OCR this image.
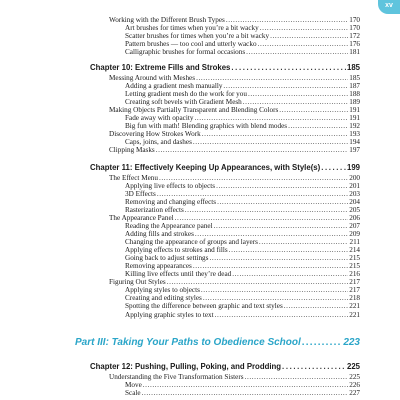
xv
Working with the Different Brush Types .....	170
Art brushes for times when you’re a bit wacky .....	170
Scatter brushes for times when you’re a bit wacky .....	172
Pattern brushes — too cool and utterly wacko .....	176
Calligraphic brushes for formal occasions .....	181
Chapter 10: Extreme Fills and Strokes .....	185
Messing Around with Meshes .....	185
Adding a gradient mesh manually .....	187
Letting gradient mesh do the work for you .....	188
Creating soft bevels with Gradient Mesh .....	189
Making Objects Partially Transparent and Blending Colors .....	191
Fade away with opacity .....	191
Big fun with math! Blending graphics with blend modes .....	192
Discovering How Strokes Work .....	193
Caps, joins, and dashes .....	194
Clipping Masks .....	197
Chapter 11: Effectively Keeping Up Appearances, with Style(s) .....	199
The Effect Menu .....	200
Applying live effects to objects .....	201
3D Effects .....	203
Removing and changing effects .....	204
Rasterization effects .....	205
The Appearance Panel .....	206
Reading the Appearance panel .....	207
Adding fills and strokes .....	209
Changing the appearance of groups and layers .....	211
Applying effects to strokes and fills .....	214
Going back to adjust settings .....	215
Removing appearances .....	215
Killing live effects until they’re dead .....	216
Figuring Out Styles .....	217
Applying styles to objects .....	217
Creating and editing styles .....	218
Spotting the difference between graphic and text styles .....	221
Applying graphic styles to text .....	221
Part III: Taking Your Paths to Obedience School .....	223
Chapter 12: Pushing, Pulling, Poking, and Prodding .....	225
Understanding the Five Transformation Sisters .....	225
Move .....	226
Scale .....	227
